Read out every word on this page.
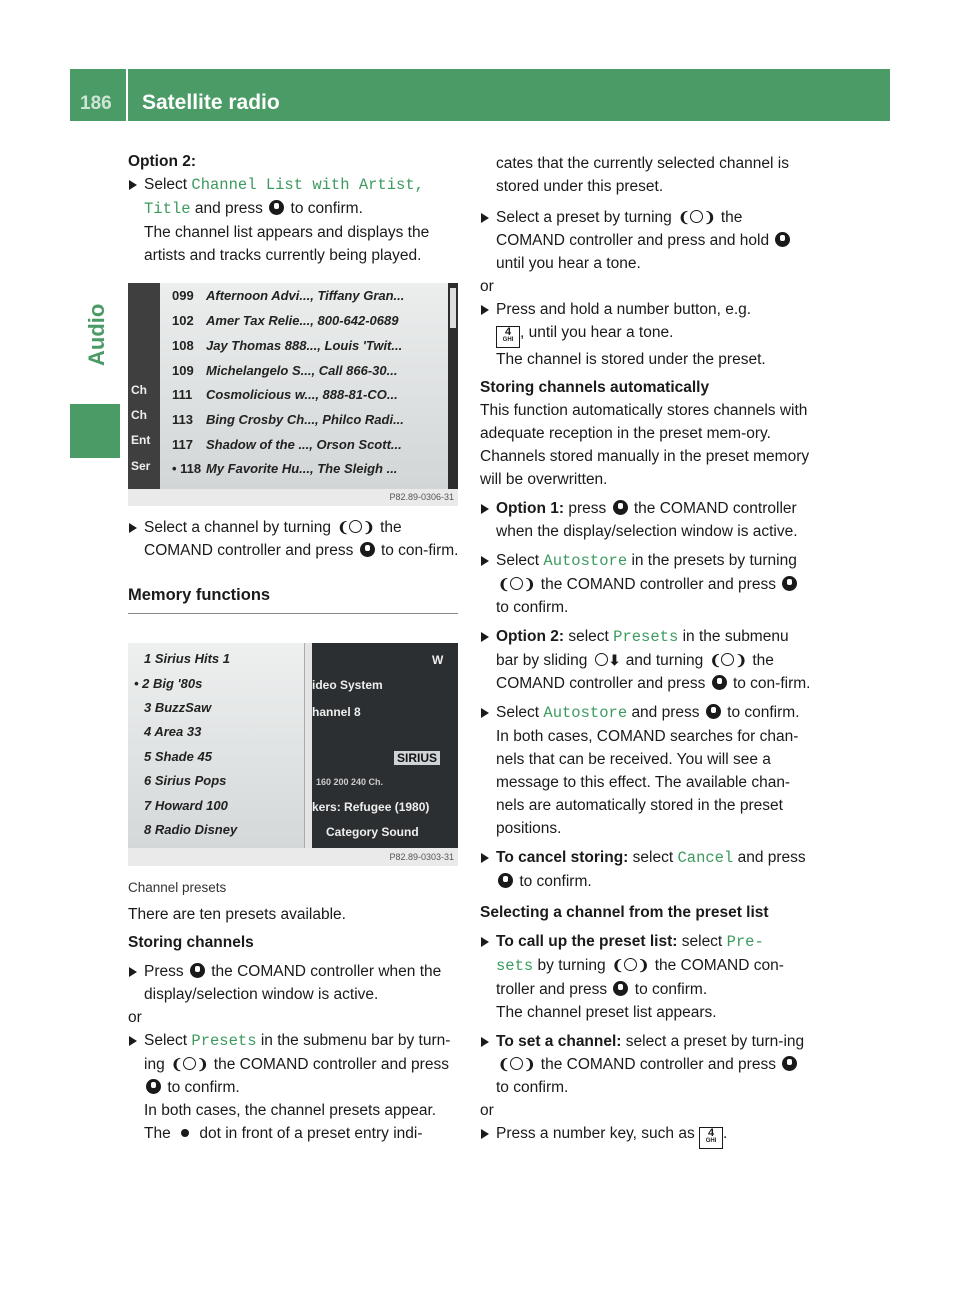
186 Satellite radio
Audio

Option 2:

Select Channel List with Artist,
Title and press to confirm.
The channel list appears and displays the artists and tracks currently being played.

Ch
Ch
Ent
Ser
099 Afternoon Advi..., Tiffany Gran...
102 Amer Tax Relie..., 800-642-0689
108 Jay Thomas 888..., Louis 'Twit...
109 Michelangelo S..., Call 866-30...
111 Cosmolicious w..., 888-81-CO...
113 Bing Crosby Ch..., Philco Radi...
117 Shadow of the ..., Orson Scott...
• 118 My Favorite Hu..., The Sleigh ...
P82.89-0306-31

Select a channel by turning ❨ ❩ the COMAND controller and press to con-firm.

Memory functions

1 Sirius Hits 1
• 2 Big '80s
3 BuzzSaw
4 Area 33
5 Shade 45
6 Sirius Pops
7 Howard 100
8 Radio Disney
W
ideo System
hannel 8
SIRIUS
160 200 240 Ch.
kers: Refugee (1980)
Category Sound
P82.89-0303-31

Channel presets

There are ten presets available.

Storing channels

Press the COMAND controller when the display/selection window is active.

or

Select Presets in the submenu bar by turn-ing ❨ ❩ the COMAND controller and press  to confirm.
In both cases, the channel presets appear. The dot in front of a preset entry indi-

cates that the currently selected channel is stored under this preset.

Select a preset by turning ❨ ❩ the COMAND controller and press and hold  until you hear a tone.

or

Press and hold a number button, e.g.
4
GHI , until you hear a tone.
The channel is stored under the preset.

Storing channels automatically

This function automatically stores channels with adequate reception in the preset mem-ory. Channels stored manually in the preset memory will be overwritten.

Option 1: press the COMAND controller when the display/selection window is active.

Select Autostore in the presets by turning ❨ ❩ the COMAND controller and press  to confirm.

Option 2: select Presets in the submenu bar by sliding ⬇ and turning ❨ ❩ the COMAND controller and press to con-firm.

Select Autostore and press to confirm.
In both cases, COMAND searches for chan-nels that can be received. You will see a message to this effect. The available chan-nels are automatically stored in the preset positions.

To cancel storing: select Cancel and press  to confirm.

Selecting a channel from the preset list

To call up the preset list: select Pre-
sets by turning ❨ ❩ the COMAND con-troller and press to confirm.
The channel preset list appears.

To set a channel: select a preset by turn-ing ❨ ❩ the COMAND controller and press  to confirm.

or

Press a number key, such as 4
GHI .
